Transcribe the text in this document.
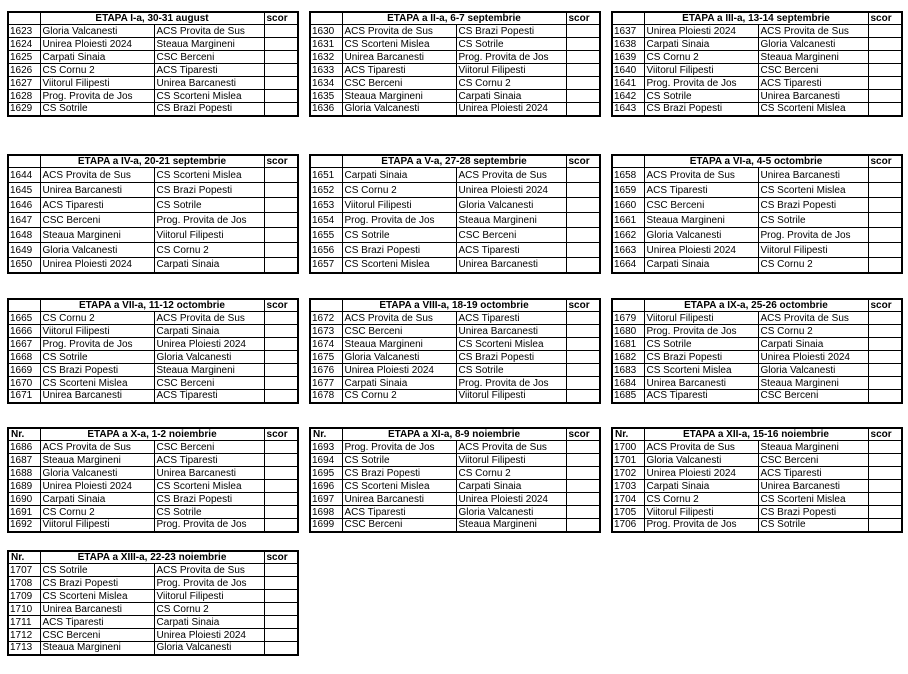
	ETAPA I-a, 30-31 august		scor
1623	Gloria Valcanesti	ACS Provita de Sus	
1624	Unirea Ploiesti 2024	Steaua Margineni	
1625	Carpati Sinaia	CSC Berceni	
1626	CS Cornu 2	ACS Tiparesti	
1627	Viitorul Filipesti	Unirea Barcanesti	
1628	Prog. Provita de Jos	CS Scorteni Mislea	
1629	CS Sotrile	CS Brazi Popesti	
	ETAPA a II-a, 6-7 septembrie		scor
1630	ACS Provita de Sus	CS Brazi Popesti	
1631	CS Scorteni Mislea	CS Sotrile	
1632	Unirea Barcanesti	Prog. Provita de Jos	
1633	ACS Tiparesti	Viitorul Filipesti	
1634	CSC Berceni	CS Cornu 2	
1635	Steaua Margineni	Carpati Sinaia	
1636	Gloria Valcanesti	Unirea Ploiesti 2024	
	ETAPA a III-a, 13-14 septembrie		scor
1637	Unirea Ploiesti 2024	ACS Provita de Sus	
1638	Carpati Sinaia	Gloria Valcanesti	
1639	CS Cornu 2	Steaua Margineni	
1640	Viitorul Filipesti	CSC Berceni	
1641	Prog. Provita de Jos	ACS Tiparesti	
1642	CS Sotrile	Unirea Barcanesti	
1643	CS Brazi Popesti	CS Scorteni Mislea	
	ETAPA a IV-a, 20-21 septembrie		scor
1644	ACS Provita de Sus	CS Scorteni Mislea	
1645	Unirea Barcanesti	CS Brazi Popesti	
1646	ACS Tiparesti	CS Sotrile	
1647	CSC Berceni	Prog. Provita de Jos	
1648	Steaua Margineni	Viitorul Filipesti	
1649	Gloria Valcanesti	CS Cornu 2	
1650	Unirea Ploiesti 2024	Carpati Sinaia	
	ETAPA a V-a, 27-28 septembrie		scor
1651	Carpati Sinaia	ACS Provita de Sus	
1652	CS Cornu 2	Unirea Ploiesti 2024	
1653	Viitorul Filipesti	Gloria Valcanesti	
1654	Prog. Provita de Jos	Steaua Margineni	
1655	CS Sotrile	CSC Berceni	
1656	CS Brazi Popesti	ACS Tiparesti	
1657	CS Scorteni Mislea	Unirea Barcanesti	
	ETAPA a VI-a, 4-5 octombrie		scor
1658	ACS Provita de Sus	Unirea Barcanesti	
1659	ACS Tiparesti	CS Scorteni Mislea	
1660	CSC Berceni	CS Brazi Popesti	
1661	Steaua Margineni	CS Sotrile	
1662	Gloria Valcanesti	Prog. Provita de Jos	
1663	Unirea Ploiesti 2024	Viitorul Filipesti	
1664	Carpati Sinaia	CS Cornu 2	
	ETAPA a VII-a, 11-12 octombrie		scor
1665	CS Cornu 2	ACS Provita de Sus	
1666	Viitorul Filipesti	Carpati Sinaia	
1667	Prog. Provita de Jos	Unirea Ploiesti 2024	
1668	CS Sotrile	Gloria Valcanesti	
1669	CS Brazi Popesti	Steaua Margineni	
1670	CS Scorteni Mislea	CSC Berceni	
1671	Unirea Barcanesti	ACS Tiparesti	
	ETAPA a VIII-a, 18-19 octombrie		scor
1672	ACS Provita de Sus	ACS Tiparesti	
1673	CSC Berceni	Unirea Barcanesti	
1674	Steaua Margineni	CS Scorteni Mislea	
1675	Gloria Valcanesti	CS Brazi Popesti	
1676	Unirea Ploiesti 2024	CS Sotrile	
1677	Carpati Sinaia	Prog. Provita de Jos	
1678	CS Cornu 2	Viitorul Filipesti	
	ETAPA a IX-a, 25-26 octombrie		scor
1679	Viitorul Filipesti	ACS Provita de Sus	
1680	Prog. Provita de Jos	CS Cornu 2	
1681	CS Sotrile	Carpati Sinaia	
1682	CS Brazi Popesti	Unirea Ploiesti 2024	
1683	CS Scorteni Mislea	Gloria Valcanesti	
1684	Unirea Barcanesti	Steaua Margineni	
1685	ACS Tiparesti	CSC Berceni	
Nr.	ETAPA a X-a, 1-2 noiembrie		scor
1686	ACS Provita de Sus	CSC Berceni	
1687	Steaua Margineni	ACS Tiparesti	
1688	Gloria Valcanesti	Unirea Barcanesti	
1689	Unirea Ploiesti 2024	CS Scorteni Mislea	
1690	Carpati Sinaia	CS Brazi Popesti	
1691	CS Cornu 2	CS Sotrile	
1692	Viitorul Filipesti	Prog. Provita de Jos	
Nr.	ETAPA a XI-a, 8-9 noiembrie		scor
1693	Prog. Provita de Jos	ACS Provita de Sus	
1694	CS Sotrile	Viitorul Filipesti	
1695	CS Brazi Popesti	CS Cornu 2	
1696	CS Scorteni Mislea	Carpati Sinaia	
1697	Unirea Barcanesti	Unirea Ploiesti 2024	
1698	ACS Tiparesti	Gloria Valcanesti	
1699	CSC Berceni	Steaua Margineni	
Nr.	ETAPA a XII-a, 15-16 noiembrie		scor
1700	ACS Provita de Sus	Steaua Margineni	
1701	Gloria Valcanesti	CSC Berceni	
1702	Unirea Ploiesti 2024	ACS Tiparesti	
1703	Carpati Sinaia	Unirea Barcanesti	
1704	CS Cornu 2	CS Scorteni Mislea	
1705	Viitorul Filipesti	CS Brazi Popesti	
1706	Prog. Provita de Jos	CS Sotrile	
Nr.	ETAPA a XIII-a, 22-23 noiembrie		scor
1707	CS Sotrile	ACS Provita de Sus	
1708	CS Brazi Popesti	Prog. Provita de Jos	
1709	CS Scorteni Mislea	Viitorul Filipesti	
1710	Unirea Barcanesti	CS Cornu 2	
1711	ACS Tiparesti	Carpati Sinaia	
1712	CSC Berceni	Unirea Ploiesti 2024	
1713	Steaua Margineni	Gloria Valcanesti	
